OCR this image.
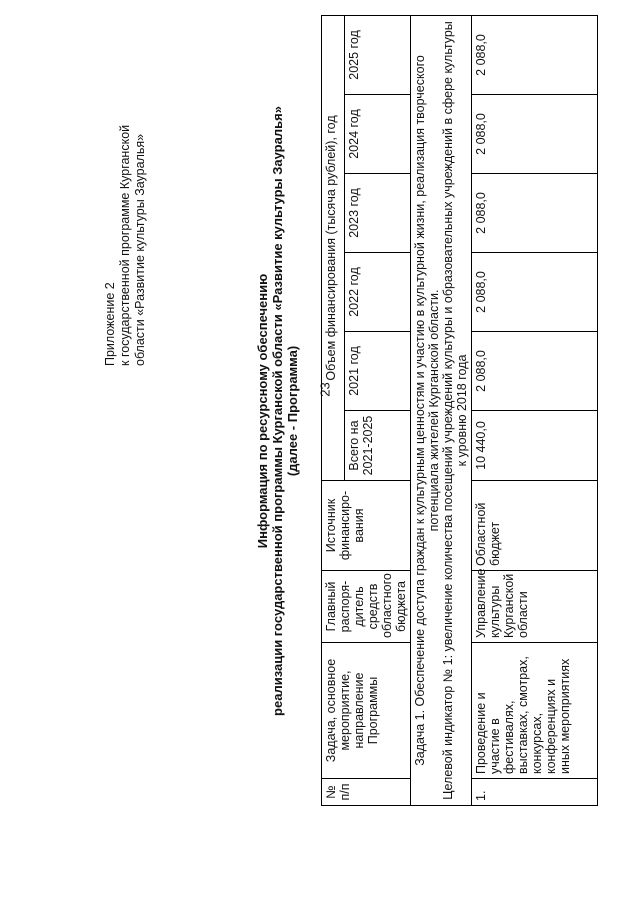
23
Приложение 2 к государственной программе Курганской области «Развитие культуры Зауралья»
Информация по ресурсному обеспечению реализации государственной программы Курганской области «Развитие культуры Зауралья» (далее - Программа)
№ п/п	Задача, основное мероприятие, направление Программы	Главный распоря-дитель средств областного бюджета	Источник финансиро-вания	Объем финансирования (тысяча рублей), год					
				Всего на 2021-2025	2021 год	2022 год	2023 год	2024 год	2025 год

Задача 1. Обеспечение доступа граждан к культурным ценностям и участию в культурной жизни, реализация творческого потенциала жителей Курганской области. Целевой индикатор № 1: увеличение количества посещений учреждений культуры и образовательных учреждений в сфере культуры к уровню 2018 года									

1.	Проведение и участие в фестивалях, выставках, смотрах, конкурсах, конференциях и иных мероприятиях	Управление культуры Курганской области	Областной бюджет	10 440,0	2 088,0	2 088,0	2 088,0	2 088,0	2 088,0
